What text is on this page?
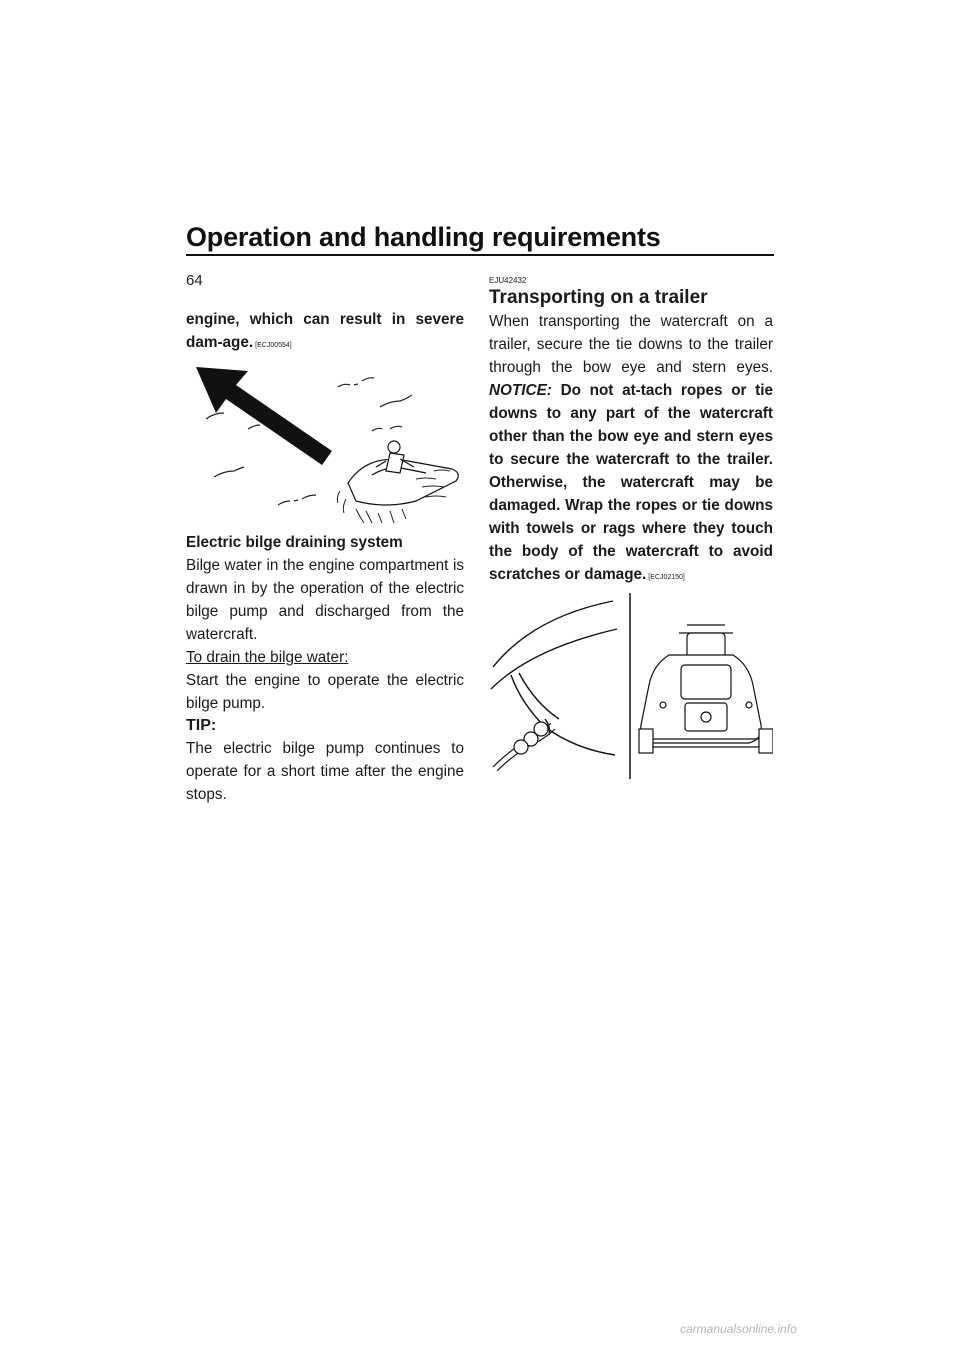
Operation and handling requirements
64

engine, which can result in severe dam-age. [ECJ00554]

Electric bilge draining system

Bilge water in the engine compartment is drawn in by the operation of the electric bilge pump and discharged from the watercraft.

To drain the bilge water:

Start the engine to operate the electric bilge pump.

TIP:

The electric bilge pump continues to operate for a short time after the engine stops.

EJU42432

Transporting on a trailer

When transporting the watercraft on a trailer, secure the tie downs to the trailer through the bow eye and stern eyes. NOTICE: Do not at-tach ropes or tie downs to any part of the watercraft other than the bow eye and stern eyes to secure the watercraft to the trailer. Otherwise, the watercraft may be damaged. Wrap the ropes or tie downs with towels or rags where they touch the body of the watercraft to avoid scratches or damage. [ECJ02150]

carmanualsonline.info
